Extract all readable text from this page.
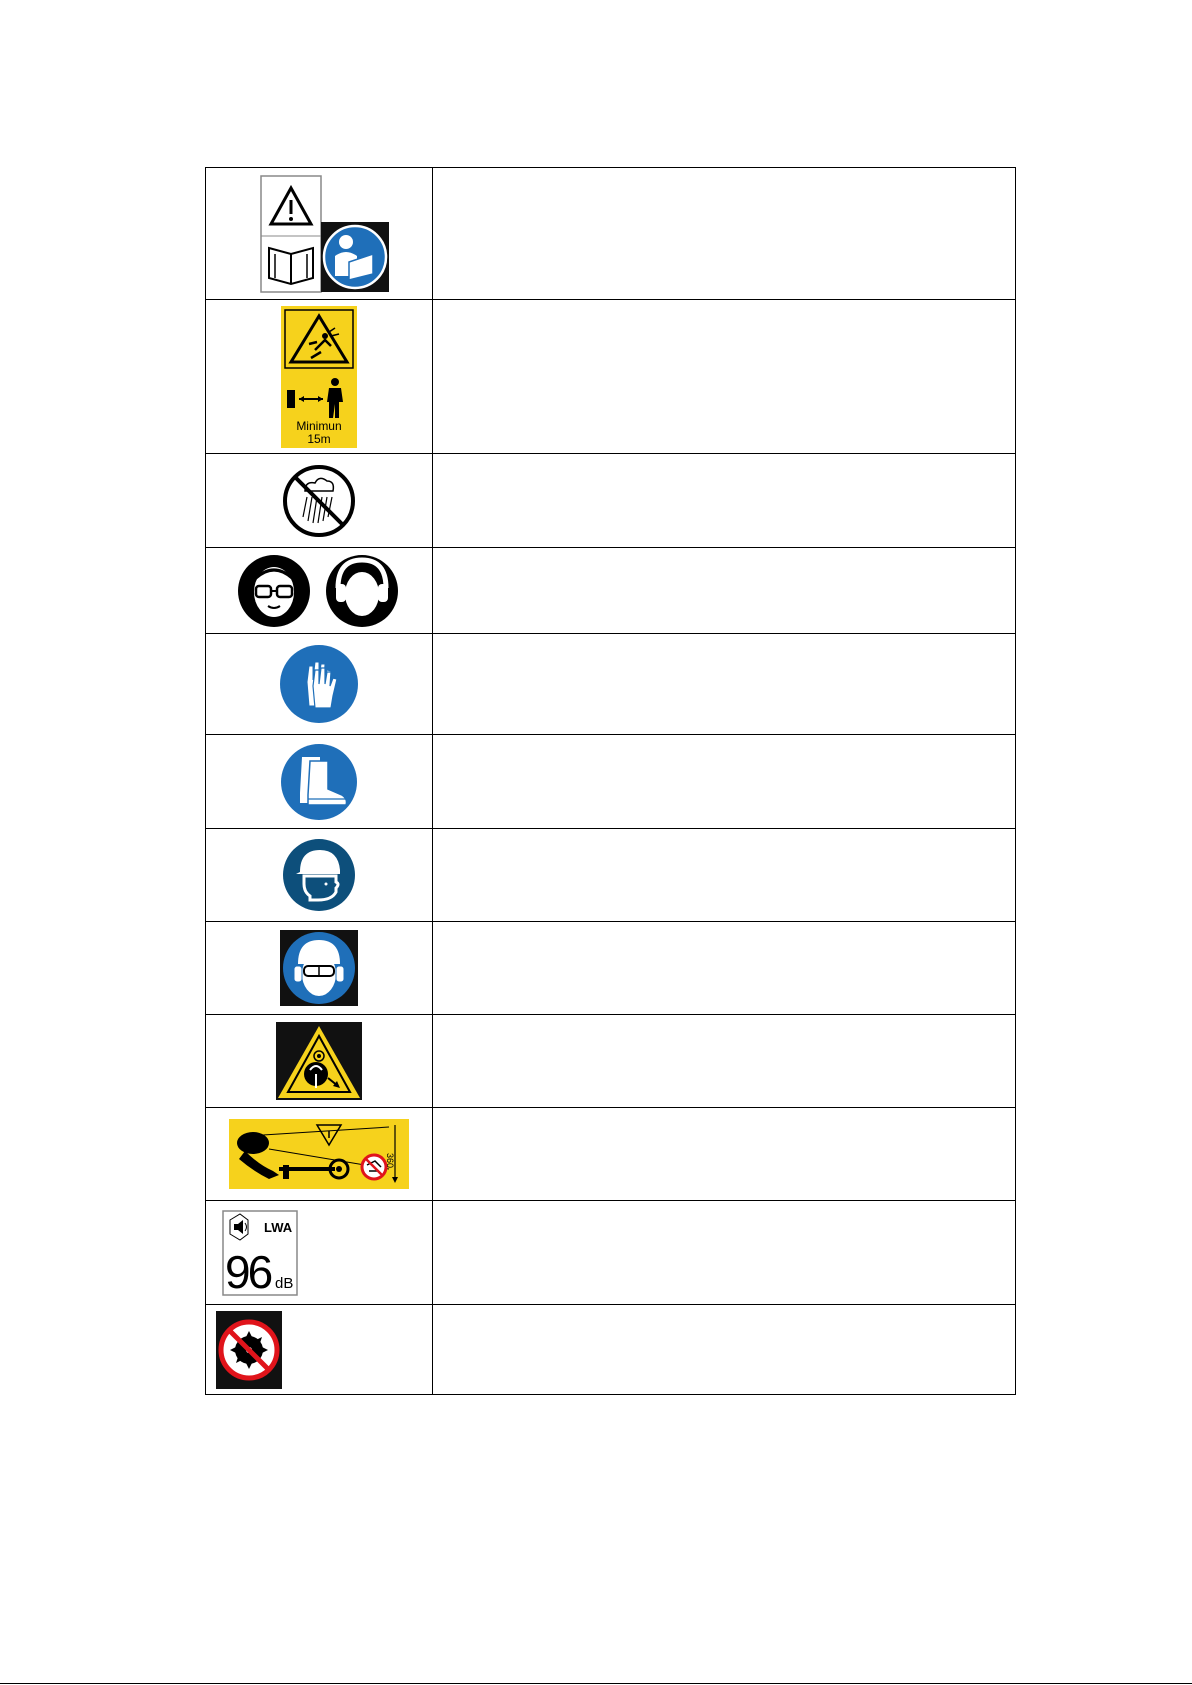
Minimun
15m	

360	

LWA
96 dB	
